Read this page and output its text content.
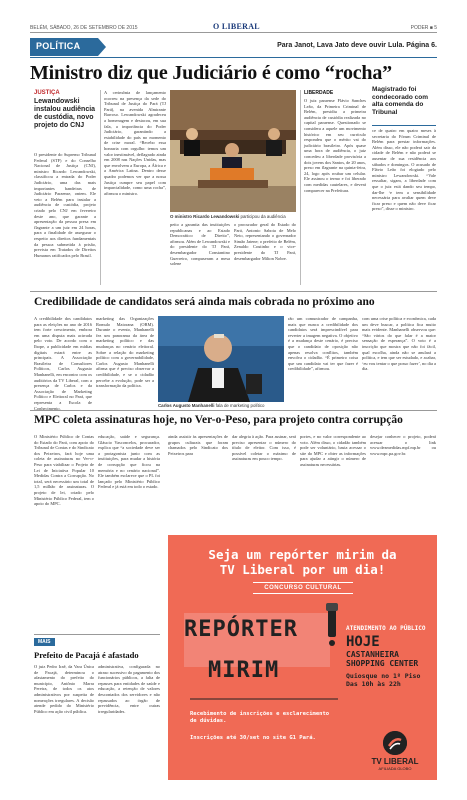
BELÉM, SÁBADO, 26 DE SETEMBRO DE 2015	O LIBERAL	PODER ■ 5
POLÍTICA	Para Janot, Lava Jato deve ouvir Lula. Página 6.
Ministro diz que Judiciário é como “rocha”
JUSTIÇA
Lewandowski instalou audiência de custódia, novo projeto do CNJ
O presidente do Supremo Tribunal Federal (STF) e do Conselho Nacional de Justiça (CNJ), ministro Ricardo Lewandowski, classificou a entrada do Poder Judiciário, uma das mais importantes bandeiras de Judiciário Paraense, ontem. Ele veio a Belém para instalar a audiência de custódia, projeto criado pelo CNJ em fevereiro deste ano, que garante a apresentação da pessoa presa em flagrante a um juiz em 24 horas, para a finalidade de assegurar o respeito aos direitos fundamentais da pessoa submetida à prisão, prevista em Tratados de Direitos Humanos ratificados pelo Brasil.
A cerimônia de lançamento ocorreu na presença da sede do Tribunal de Justiça do Pará (TJ Pará), na avenida Almirante Barroso. Lewandowski agradeceu a homenagem e destacou, em sua fala, a importância do Poder Judiciário, garantindo a estabilidade do país no momento de crise moral. “Recebo essa honraria com orgulho: temos um valor inestimável, deflagrado ainda em 2008 nas Nações Unidas, mas que envolvem a Europa, a África e a América Latina. Dentro desse quadro podemos ver que a nossa Justiça cumpre seu papel com imparcialidade, como uma rocha”, afirmou o ministro.
O ministro Ricardo Lewandowski participou da audiência
peito a garantia das instituições republicanas e ao Estado Democrático de Direito”, afirmou. Além de Lewandowski e do presidente do TJ Pará, desembargador Constantino Guerreiro, compuseram a mesa solene
o procurador geral do Estado do Pará, Antonio Saboia de Melo Neto, representando o governador Simão Jatene; o prefeito de Belém, Zenaldo Coutinho e o vice-presidente do TJ Pará, desembargador Milton Nobre.
LIBERDADE
O juiz paraense Flávio Sanches Leão, da Primeira Criminal de Belém, presidiu a primeira audiência de custódia realizada no capital paraense. Questionado se considera a aquele um movimento histórico em seu currículo respondeu que o mérito vai do judiciário brasileiro. Após quase uma hora de audiência, o juiz concedeu a liberdade provisória a dois jovens dos Santos, de 20 anos, preso em flagrante na quinta-feira, 24, logo após roubar um celular. Ele assinou o termo e foi liberado com medidas cautelares, e deverá comparecer na Prefeitura.
Magistrado foi condecorado com alta comenda do Tribunal
ce de quatro em quatro meses à secretaria do Fórum Criminal de Belém para prestar informações. Além disso, ele não poderá sair da cidade de Belém e não poderá se ausentar de sua residência aos sábados e domingos. O acusado de Flávio Leão foi elogiado pelo ministro Lewandowski. “Vale ressaltar, sigam, a liberdade com que o juiz está dando seu tempo, dar-lhe ‘e tem a sensibilidade necessária para avaliar quem deve ficar preso e quem não deve ficar preso”, disse o ministro.
Credibilidade de candidatos será ainda mais cobrada no próximo ano
A credibilidade dos candidatos para as eleições no ano de 2016 tem forte crescimento, embora em uma disputa mais acirrada pelo voto. De acordo com o Ibope, a publicidade em mídias digitais estará entre as principais. A Associação Brasileira de Consultores Políticos, Carlos Augusto Manhanelli, em encontro com os auditórios da TV Liberal, com a presença de Carlos e da Associação de Marketing Político e Eleitoral no Pará, que representa a Escola de Conhecimento.
marketing das Organizações Romulo Maiorana (ORM). Durante o evento, Manhanelli fez um panorama da área de marketing político e das mudanças no cenário eleitoral. Sobre a relação do marketing político com a governabilidade, Carlos Augusto Manhanelli afirma que é preciso observar a credibilidade, e se o cidadão percebe a evolução, pode ser a transformação da política.
Carlos Augusto Manhanelli fala de marketing político
rão um comunicador de campanha, mais que nunca a credibilidade dos candidatos será imprescindível para reverter a imagem negativa. O objetivo é a mudança deste cenário, é preciso que o candidato de oposição não apenas resolva conflitos, também envolva o cidadão. “É primeiro coisa que um candidato vai ter que fazer é credibilidade”, afirmou.
com uma crise política e econômica, cada um deve buscar, a política fica muito mais evidente. Manhanelli observou que: “São vários do que falar é a maior sensação de esperança”. O voto é a inscrição que mostra que não foi fácil, qual escolha, ainda não se anulará a política, e tem que ser estudado, e acabar, ‘eu vou tentar o que posso fazer’, no dia a dia.
MPC coleta assinaturas hoje, no Ver-o-Peso, para projeto contra corrupção
O Ministério Público de Contas do Estado do Pará, com apoio do Tribunal de Contas e do Sindicato dos Peixeiros, fará hoje uma coleta de assinaturas no Ver-o-Peso para viabilizar o Projeto de Lei de Iniciativa Popular 10 Medidas Contra a Corrupção. No total, será necessário um total de 1,5 milhão de assinaturas. O projeto de lei, criado pelo Ministério Público Federal, tem o apoio do MPC.
educação, saúde e segurança. Gláucio Vasconcelos, procurador, explica que “a sociedade deve ser a protagonista junto com as instituições, para mudar a história de corrupção que ficou na memória e no cenário nacional”. Ele também esclarece que o PL foi lançado pelo Ministério Público Federal e já está em todo o estado.
ainda assistir às apresentações de grupos culturais que foram chamados pelo Sindicato dos Peixeiros para
dar alegria à ação. Para assinar, será preciso apresentar o número do título de eleitor. Com isso, é possível coletar o máximo de assinaturas em pouco tempo.
portes, e no valor correspondente ao voto. Além disso, o cidadão também pode ser voluntário, basta acessar o site do MPC e obter as informações para ajudar a atingir o número de assinaturas necessárias.
desejar conhecer o projeto, poderá acessar o link www.dezmedidas.mpf.mp.br ou www.mpc.pa.gov.br.
MAIS
Prefeito de Pacajá é afastado
O juiz Pedro Iraê, da Vara Única de Pacajá, determinou o afastamento do prefeito do município, Antônio Marra Pereira, de todos os atos administrativos por suspeita de nomeações irregulares. A decisão atende pedido do Ministério Público em ação civil pública.
administrativa, configurada no atraso sucessivo do pagamento dos funcionários públicos, a falta de repasses para entidades de saúde e educação, a retenção de valores descontados dos servidores e não repassados ao órgão de previdência, entre outras irregularidades.
Seja um repórter mirim da
TV Liberal por um dia!
CONCURSO CULTURAL
REPÓRTER
MIRIM
ATENDIMENTO AO PÚBLICO
HOJE
CASTANHEIRA SHOPPING CENTER
Quiosque no 1º Piso Das 10h às 22h
Recebimento de inscrições e esclarecimento de dúvidas.
Inscrições até 30/set no site G1 Pará.
TV LIBERAL
AFILIADA GLOBO
